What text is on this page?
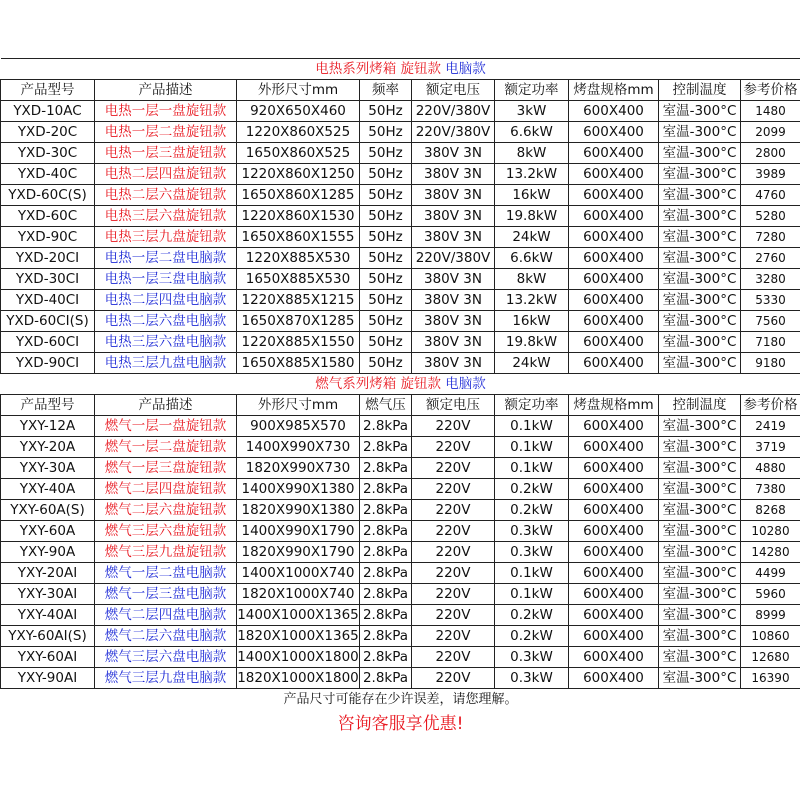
电热系列烤箱 旋钮款 电脑款								
产品型号	产品描述	外形尺寸mm	频率	额定电压	额定功率	烤盘规格mm	控制温度	参考价格
YXD-10AC	电热一层一盘旋钮款	920X650X460	50Hz	220V/380V	3kW	600X400	室温-300°C	1480
YXD-20C	电热一层二盘旋钮款	1220X860X525	50Hz	220V/380V	6.6kW	600X400	室温-300°C	2099
YXD-30C	电热一层三盘旋钮款	1650X860X525	50Hz	380V 3N	8kW	600X400	室温-300°C	2800
YXD-40C	电热二层四盘旋钮款	1220X860X1250	50Hz	380V 3N	13.2kW	600X400	室温-300°C	3989
YXD-60C(S)	电热二层六盘旋钮款	1650X860X1285	50Hz	380V 3N	16kW	600X400	室温-300°C	4760
YXD-60C	电热三层六盘旋钮款	1220X860X1530	50Hz	380V 3N	19.8kW	600X400	室温-300°C	5280
YXD-90C	电热三层九盘旋钮款	1650X860X1555	50Hz	380V 3N	24kW	600X400	室温-300°C	7280
YXD-20CI	电热一层二盘电脑款	1220X885X530	50Hz	220V/380V	6.6kW	600X400	室温-300°C	2760
YXD-30CI	电热一层三盘电脑款	1650X885X530	50Hz	380V 3N	8kW	600X400	室温-300°C	3280
YXD-40CI	电热二层四盘电脑款	1220X885X1215	50Hz	380V 3N	13.2kW	600X400	室温-300°C	5330
YXD-60CI(S)	电热二层六盘电脑款	1650X870X1285	50Hz	380V 3N	16kW	600X400	室温-300°C	7560
YXD-60CI	电热三层六盘电脑款	1220X885X1550	50Hz	380V 3N	19.8kW	600X400	室温-300°C	7180
YXD-90CI	电热三层九盘电脑款	1650X885X1580	50Hz	380V 3N	24kW	600X400	室温-300°C	9180
燃气系列烤箱 旋钮款 电脑款								
产品型号	产品描述	外形尺寸mm	燃气压	额定电压	额定功率	烤盘规格mm	控制温度	参考价格
YXY-12A	燃气一层一盘旋钮款	900X985X570	2.8kPa	220V	0.1kW	600X400	室温-300°C	2419
YXY-20A	燃气一层二盘旋钮款	1400X990X730	2.8kPa	220V	0.1kW	600X400	室温-300°C	3719
YXY-30A	燃气一层三盘旋钮款	1820X990X730	2.8kPa	220V	0.1kW	600X400	室温-300°C	4880
YXY-40A	燃气二层四盘旋钮款	1400X990X1380	2.8kPa	220V	0.2kW	600X400	室温-300°C	7380
YXY-60A(S)	燃气二层六盘旋钮款	1820X990X1380	2.8kPa	220V	0.2kW	600X400	室温-300°C	8268
YXY-60A	燃气三层六盘旋钮款	1400X990X1790	2.8kPa	220V	0.3kW	600X400	室温-300°C	10280
YXY-90A	燃气三层九盘旋钮款	1820X990X1790	2.8kPa	220V	0.3kW	600X400	室温-300°C	14280
YXY-20AI	燃气一层二盘电脑款	1400X1000X740	2.8kPa	220V	0.1kW	600X400	室温-300°C	4499
YXY-30AI	燃气一层三盘电脑款	1820X1000X740	2.8kPa	220V	0.1kW	600X400	室温-300°C	5960
YXY-40AI	燃气二层四盘电脑款	1400X1000X1365	2.8kPa	220V	0.2kW	600X400	室温-300°C	8999
YXY-60AI(S)	燃气二层六盘电脑款	1820X1000X1365	2.8kPa	220V	0.2kW	600X400	室温-300°C	10860
YXY-60AI	燃气三层六盘电脑款	1400X1000X1800	2.8kPa	220V	0.3kW	600X400	室温-300°C	12680
YXY-90AI	燃气三层九盘电脑款	1820X1000X1800	2.8kPa	220V	0.3kW	600X400	室温-300°C	16390
产品尺寸可能存在少许误差，请您理解。								
咨询客服享优惠!								
